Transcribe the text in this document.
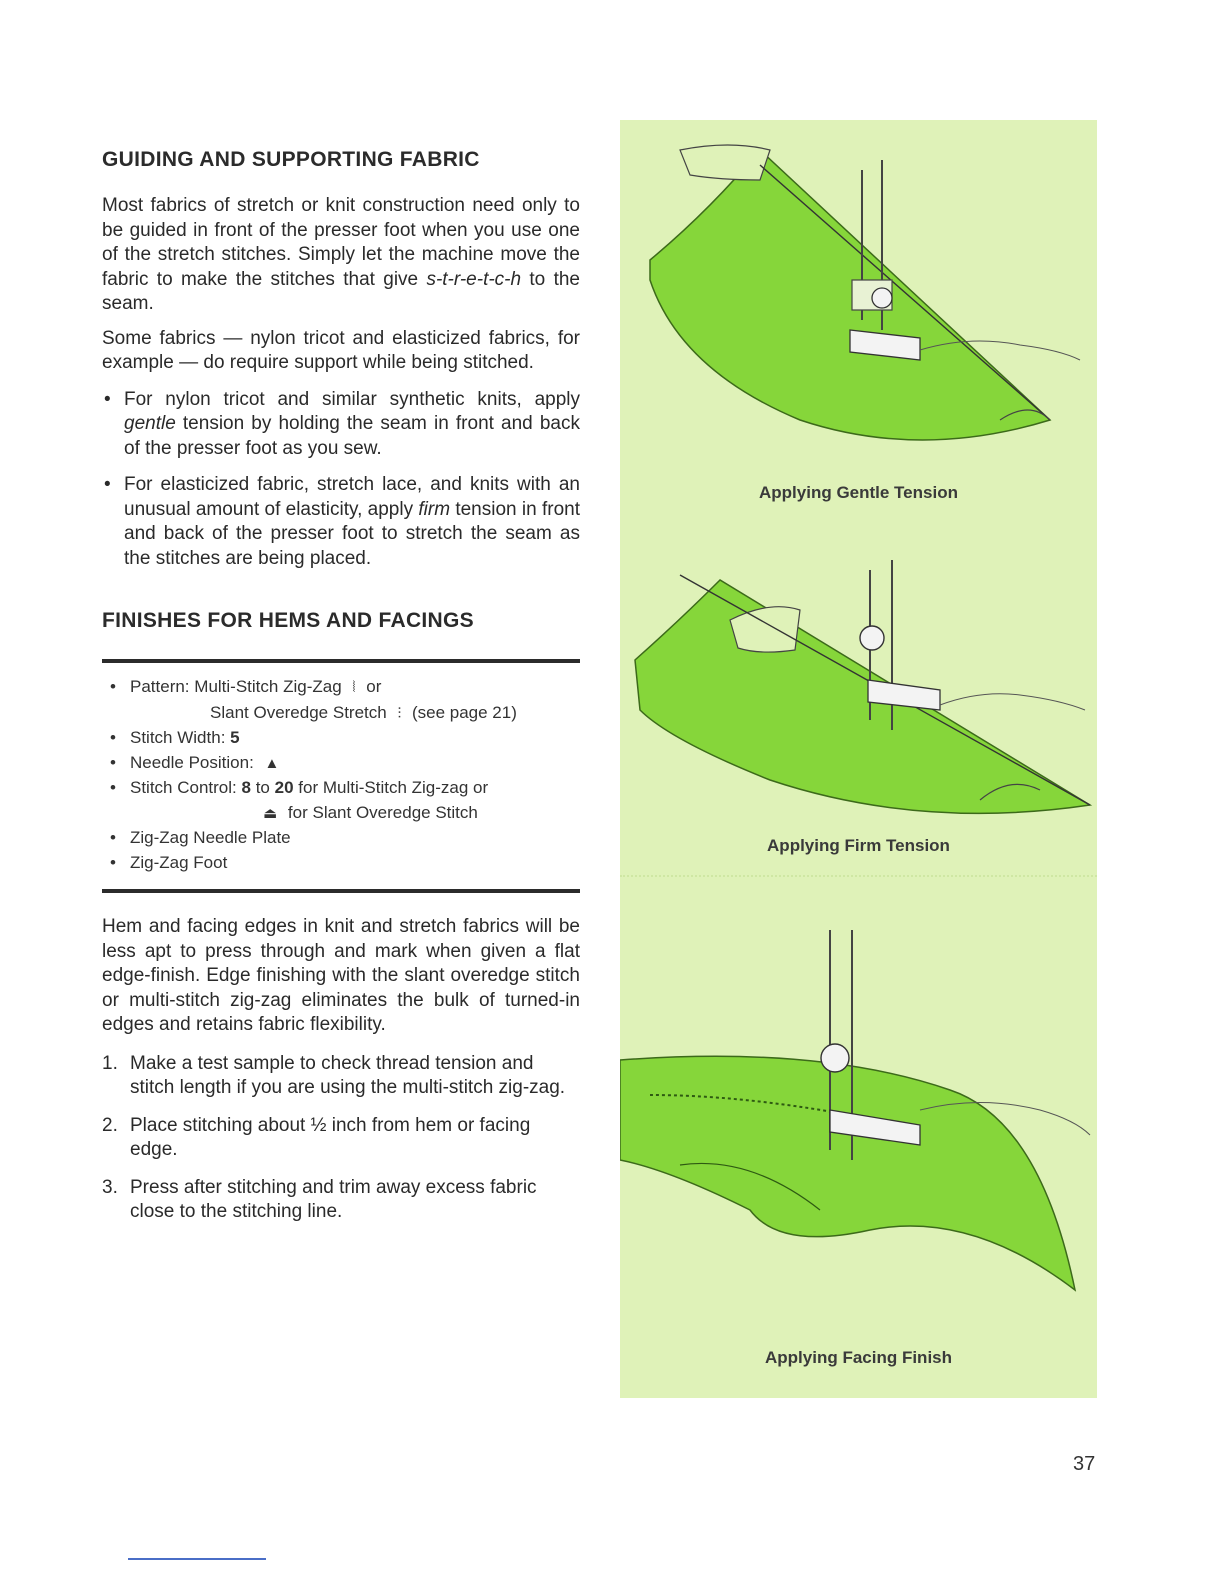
GUIDING AND SUPPORTING FABRIC

Most fabrics of stretch or knit construction need only to be guided in front of the presser foot when you use one of the stretch stitches. Simply let the machine move the fabric to make the stitches that give s-t-r-e-t-c-h to the seam.

Some fabrics — nylon tricot and elasticized fabrics, for example — do require support while being stitched.

• For nylon tricot and similar synthetic knits, apply gentle tension by holding the seam in front and back of the presser foot as you sew.
• For elasticized fabric, stretch lace, and knits with an unusual amount of elasticity, apply firm tension in front and back of the presser foot to stretch the seam as the stitches are being placed.
FINISHES FOR HEMS AND FACINGS
• Pattern: Multi-Stitch Zig-Zag ⦚ or
Slant Overedge Stretch ⫶ (see page 21)
• Stitch Width: 5
• Needle Position: ▲
• Stitch Control: 8 to 20 for Multi-Stitch Zig-zag or
⏏ for Slant Overedge Stitch
• Zig-Zag Needle Plate
• Zig-Zag Foot

Hem and facing edges in knit and stretch fabrics will be less apt to press through and mark when given a flat edge-finish. Edge finishing with the slant overedge stitch or multi-stitch zig-zag eliminates the bulk of turned-in edges and retains fabric flexibility.

1. Make a test sample to check thread tension and stitch length if you are using the multi-stitch zig-zag.
2. Place stitching about ½ inch from hem or facing edge.
3. Press after stitching and trim away excess fabric close to the stitching line.
Applying Gentle Tension
Applying Firm Tension
Applying Facing Finish
37
